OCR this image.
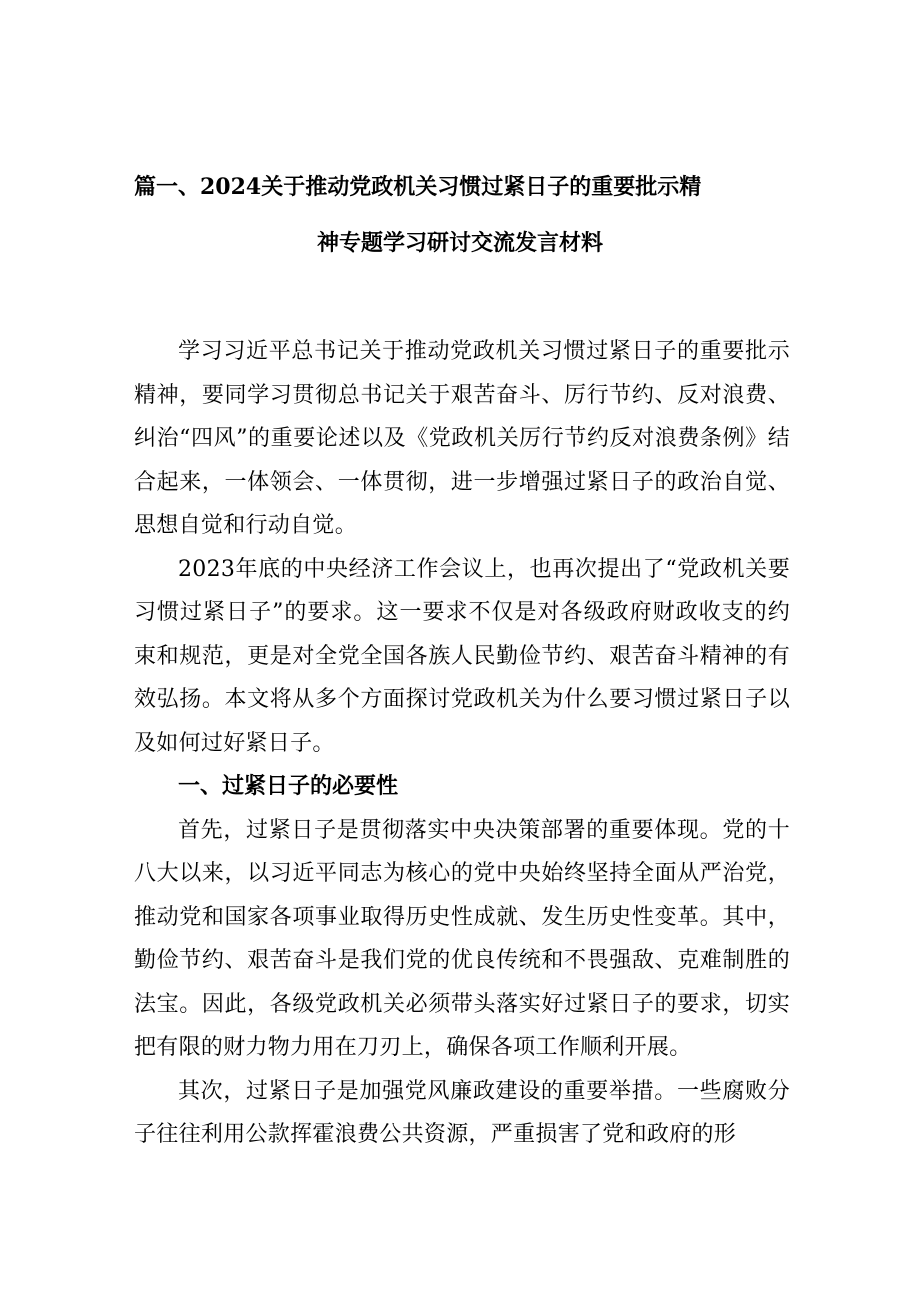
篇一、2024关于推动党政机关习惯过紧日子的重要批示精
神专题学习研讨交流发言材料

学习习近平总书记关于推动党政机关习惯过紧日子的重要批示精神，要同学习贯彻总书记关于艰苦奋斗、厉行节约、反对浪费、纠治“四风”的重要论述以及《党政机关厉行节约反对浪费条例》结合起来，一体领会、一体贯彻，进一步增强过紧日子的政治自觉、思想自觉和行动自觉。

2023年底的中央经济工作会议上，也再次提出了“党政机关要习惯过紧日子”的要求。这一要求不仅是对各级政府财政收支的约束和规范，更是对全党全国各族人民勤俭节约、艰苦奋斗精神的有效弘扬。本文将从多个方面探讨党政机关为什么要习惯过紧日子以及如何过好紧日子。

一、过紧日子的必要性

首先，过紧日子是贯彻落实中央决策部署的重要体现。党的十八大以来，以习近平同志为核心的党中央始终坚持全面从严治党，推动党和国家各项事业取得历史性成就、发生历史性变革。其中，勤俭节约、艰苦奋斗是我们党的优良传统和不畏强敌、克难制胜的法宝。因此，各级党政机关必须带头落实好过紧日子的要求，切实把有限的财力物力用在刀刃上，确保各项工作顺利开展。

其次，过紧日子是加强党风廉政建设的重要举措。一些腐败分子往往利用公款挥霍浪费公共资源，严重损害了党和政府的形
